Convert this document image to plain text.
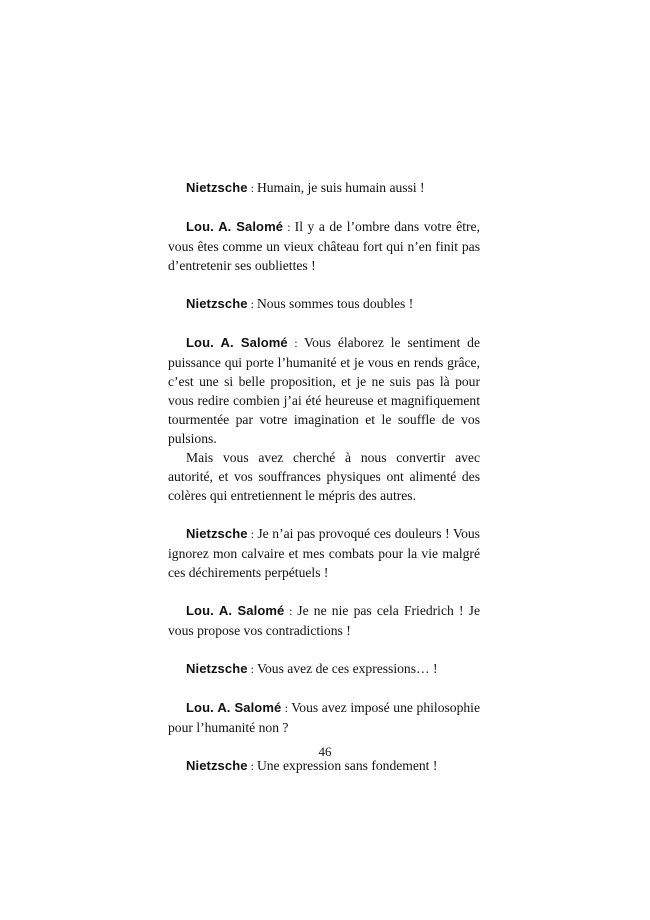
Nietzsche : Humain, je suis humain aussi !

Lou. A. Salomé : Il y a de l’ombre dans votre être, vous êtes comme un vieux château fort qui n’en finit pas d’entretenir ses oubliettes !

Nietzsche : Nous sommes tous doubles !

Lou. A. Salomé : Vous élaborez le sentiment de puissance qui porte l’humanité et je vous en rends grâce, c’est une si belle proposition, et je ne suis pas là pour vous redire combien j’ai été heureuse et magnifiquement tourmentée par votre imagination et le souffle de vos pulsions.

Mais vous avez cherché à nous convertir avec autorité, et vos souffrances physiques ont alimenté des colères qui entretiennent le mépris des autres.

Nietzsche : Je n’ai pas provoqué ces douleurs ! Vous ignorez mon calvaire et mes combats pour la vie malgré ces déchirements perpétuels !

Lou. A. Salomé : Je ne nie pas cela Friedrich ! Je vous propose vos contradictions !

Nietzsche : Vous avez de ces expressions… !

Lou. A. Salomé : Vous avez imposé une philosophie pour l’humanité non ?

Nietzsche : Une expression sans fondement !

46
